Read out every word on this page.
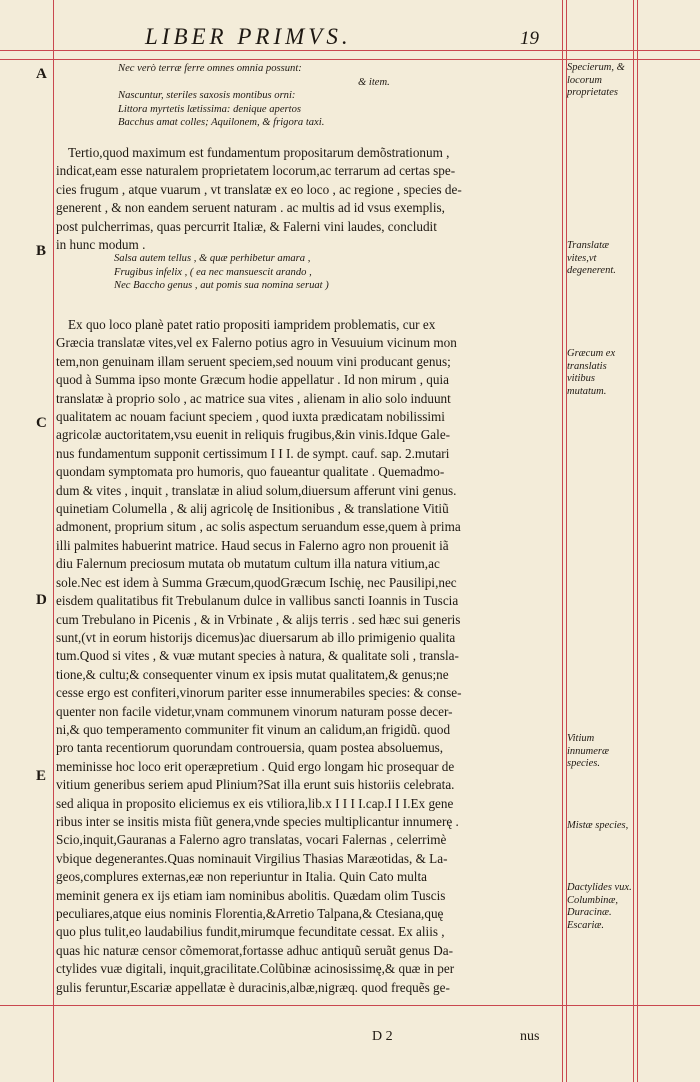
LIBER PRIMVS.	19
A
B
C
D
E
Specierum, & locorum proprietates
Translatæ vites,vt degenerent.
Græcum ex translatis vitibus mutatum.
Vitium innumeræ species.
Mistæ species,
Dactylides vux. Columbinæ, Duracinæ. Escariæ.
Nec verò terræ ferre omnes omnia possunt:
& item.
Nascuntur, steriles saxosis montibus orni:
Littora myrtetis lætissima: denique apertos
Bacchus amat colles; Aquilonem, & frigora taxi.
Tertio,quod maximum est fundamentum propositarum demõstrationum ,
indicat,eam esse naturalem proprietatem locorum,ac terrarum ad certas spe-
cies frugum , atque vuarum , vt translatæ ex eo loco , ac regione , species de-
generent , & non eandem seruent naturam . ac multis ad id vsus exemplis,
post pulcherrimas, quas percurrit Italiæ, & Falerni vini laudes, concludit
in hunc modum .
Salsa autem tellus , & quæ perhibetur amara ,
Frugibus infelix , ( ea nec mansuescit arando ,
Nec Baccho genus , aut pomis sua nomina seruat )
Ex quo loco planè patet ratio propositi iampridem problematis, cur ex
Græcia translatæ vites,vel ex Falerno potius agro in Vesuuium vicinum mon
tem,non genuinam illam seruent speciem,sed nouum vini producant genus;
quod à Summa ipso monte Græcum hodie appellatur . Id non mirum , quia
translatæ à proprio solo , ac matrice sua vites , alienam in alio solo induunt
qualitatem ac nouam faciunt speciem , quod iuxta prædicatam nobilissimi
agricolæ auctoritatem,vsu euenit in reliquis frugibus,&in vinis.Idque Gale-
nus fundamentum supponit certissimum I I I. de sympt. cauf. sap. 2.mutari
quondam symptomata pro humoris, quo faueantur qualitate . Quemadmo-
dum & vites , inquit , translatæ in aliud solum,diuersum afferunt vini genus.
quinetiam Columella , & alij agricolę de Insitionibus , & translatione Vitiũ
admonent, proprium situm , ac solis aspectum seruandum esse,quem à prima
illi palmites habuerint matrice. Haud secus in Falerno agro non prouenit iã
diu Falernum preciosum mutata ob mutatum cultum illa natura vitium,ac
sole.Nec est idem à Summa Græcum,quodGræcum Ischię, nec Pausilipi,nec
eisdem qualitatibus fit Trebulanum dulce in vallibus sancti Ioannis in Tuscia
cum Trebulano in Picenis , & in Vrbinate , & alijs terris . sed hæc sui generis
sunt,(vt in eorum historijs dicemus)ac diuersarum ab illo primigenio qualita
tum.Quod si vites , & vuæ mutant species à natura, & qualitate soli , transla-
tione,& cultu;& consequenter vinum ex ipsis mutat qualitatem,& genus;ne
cesse ergo est confiteri,vinorum pariter esse innumerabiles species: & conse-
quenter non facile videtur,vnam communem vinorum naturam posse decer-
ni,& quo temperamento communiter fit vinum an calidum,an frigidũ. quod
pro tanta recentiorum quorundam controuersia, quam postea absoluemus,
meminisse hoc loco erit operæpretium . Quid ergo longam hic prosequar de
vitium generibus seriem apud Plinium?Sat illa erunt suis historiis celebrata.
sed aliqua in proposito eliciemus ex eis vtiliora,lib.x I I I I.cap.I I I.Ex gene
ribus inter se insitis mista fiũt genera,vnde species multiplicantur innumerę .
Scio,inquit,Gauranas a Falerno agro translatas, vocari Falernas , celerrimè
vbique degenerantes.Quas nominauit Virgilius Thasias Maræotidas, & La-
geos,complures externas,eæ non reperiuntur in Italia. Quin Cato multa
meminit genera ex ijs etiam iam nominibus abolitis. Quædam olim Tuscis
peculiares,atque eius nominis Florentia,&Arretio Talpana,& Ctesiana,quę
quo plus tulit,eo laudabilius fundit,mirumque fecunditate cessat. Ex aliis ,
quas hic naturæ censor cõmemorat,fortasse adhuc antiquũ seruãt genus Da-
ctylides vuæ digitali, inquit,gracilitate.Colũbinæ acinosissimę,& quæ in per
gulis feruntur,Escariæ appellatæ è duracinis,albæ,nigræq. quod frequẽs ge-
D 2	nus
